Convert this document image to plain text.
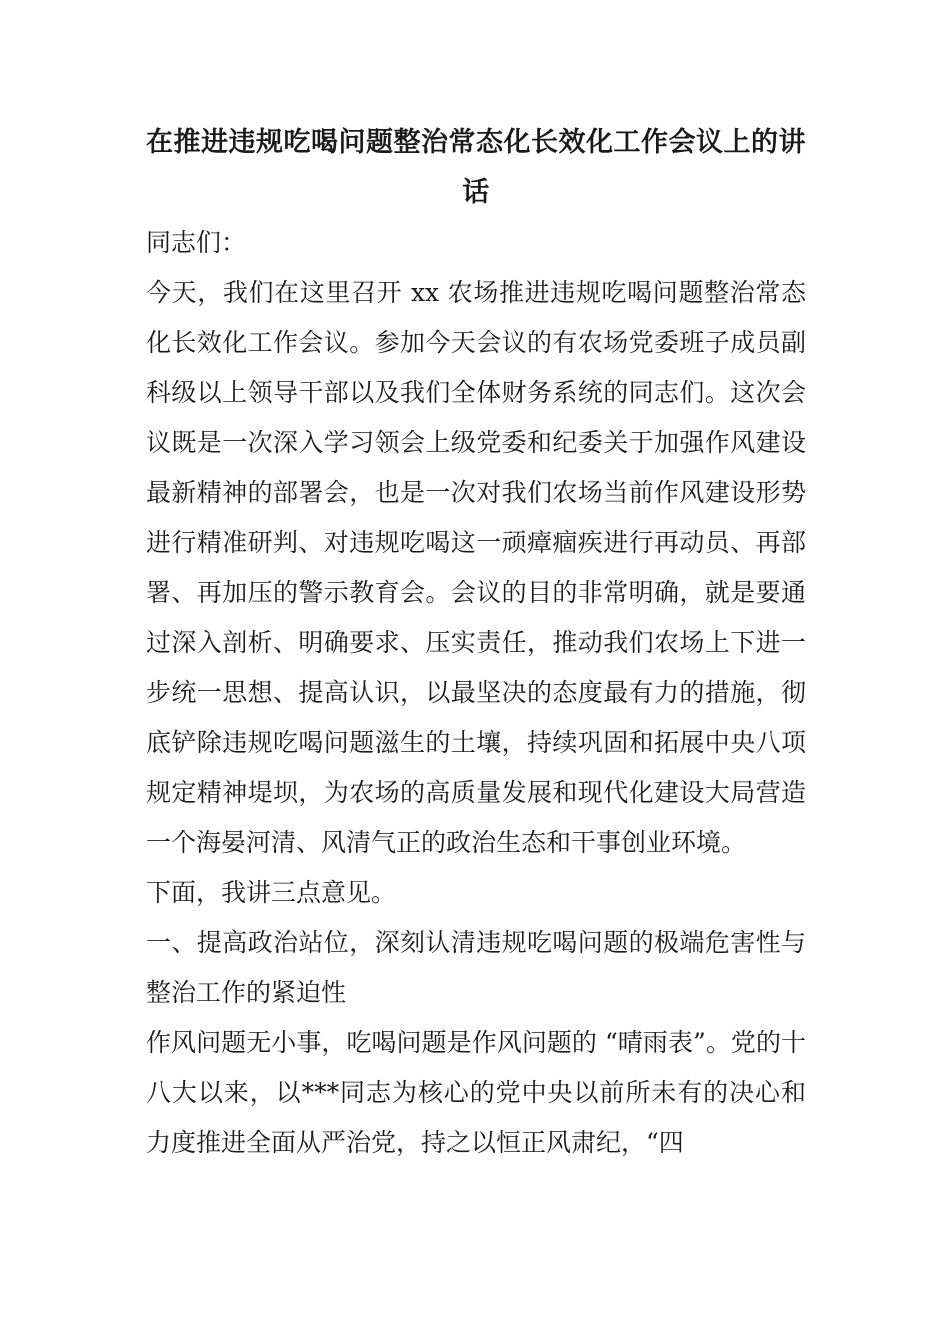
在推进违规吃喝问题整治常态化长效化工作会议上的讲话

同志们：

今天，我们在这里召开 xx 农场推进违规吃喝问题整治常态化长效化工作会议。参加今天会议的有农场党委班子成员副科级以上领导干部以及我们全体财务系统的同志们。这次会议既是一次深入学习领会上级党委和纪委关于加强作风建设最新精神的部署会，也是一次对我们农场当前作风建设形势进行精准研判、对违规吃喝这一顽瘴痼疾进行再动员、再部署、再加压的警示教育会。会议的目的非常明确，就是要通过深入剖析、明确要求、压实责任，推动我们农场上下进一步统一思想、提高认识，以最坚决的态度最有力的措施，彻底铲除违规吃喝问题滋生的土壤，持续巩固和拓展中央八项规定精神堤坝，为农场的高质量发展和现代化建设大局营造一个海晏河清、风清气正的政治生态和干事创业环境。

下面，我讲三点意见。

一、提高政治站位，深刻认清违规吃喝问题的极端危害性与整治工作的紧迫性

作风问题无小事，吃喝问题是作风问题的 “晴雨表”。党的十八大以来，以***同志为核心的党中央以前所未有的决心和力度推进全面从严治党，持之以恒正风肃纪，“四
